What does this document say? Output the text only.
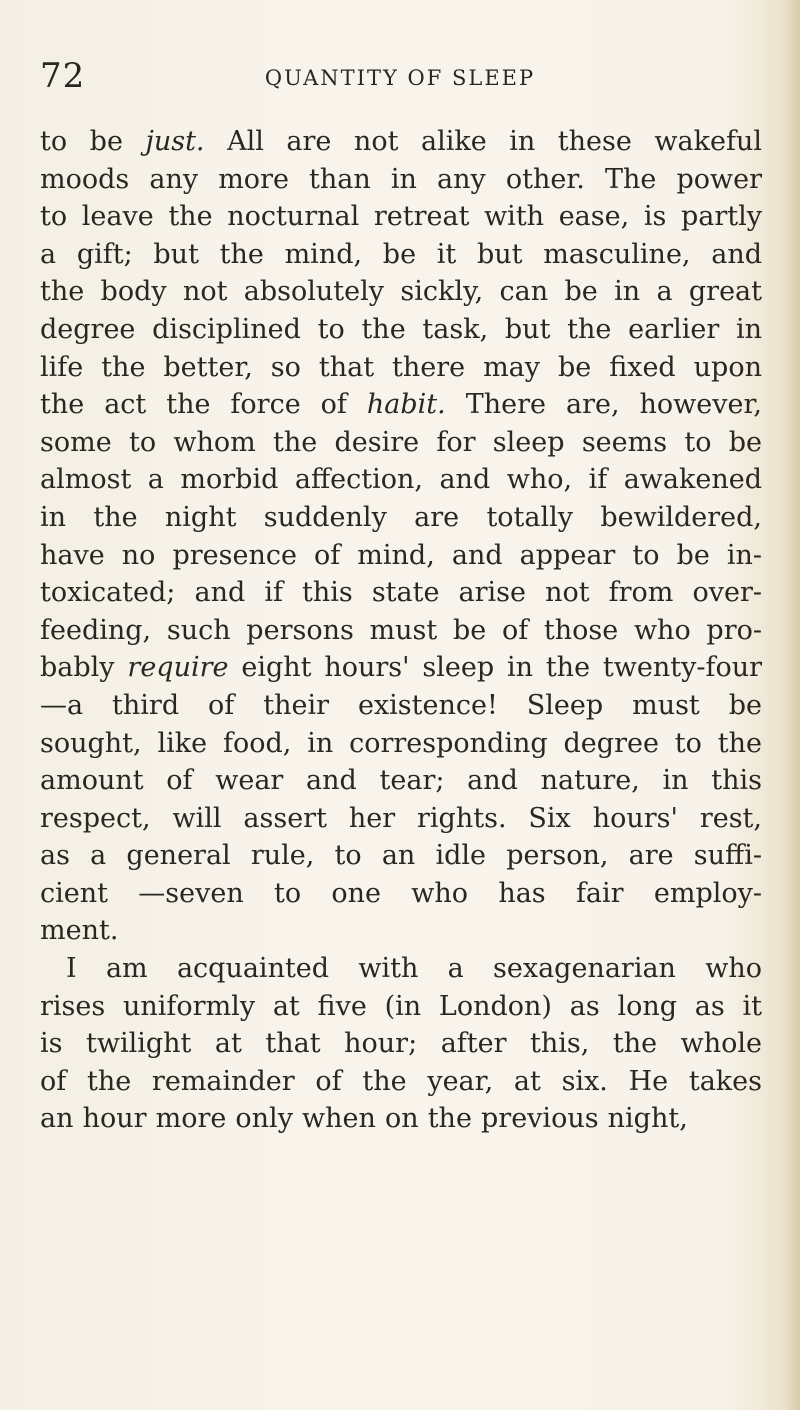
72	QUANTITY OF SLEEP
to be just. All are not alike in these wakeful
moods any more than in any other. The power
to leave the nocturnal retreat with ease, is partly
a gift; but the mind, be it but masculine, and
the body not absolutely sickly, can be in a great
degree disciplined to the task, but the earlier in
life the better, so that there may be fixed upon
the act the force of habit. There are, however,
some to whom the desire for sleep seems to be
almost a morbid affection, and who, if awakened
in the night suddenly are totally bewildered,
have no presence of mind, and appear to be in-
toxicated; and if this state arise not from over-
feeding, such persons must be of those who pro-
bably require eight hours' sleep in the twenty-four
—a third of their existence! Sleep must be
sought, like food, in corresponding degree to the
amount of wear and tear; and nature, in this
respect, will assert her rights. Six hours' rest,
as a general rule, to an idle person, are suffi-
cient —seven to one who has fair employ-
ment.
I am acquainted with a sexagenarian who
rises uniformly at five (in London) as long as it
is twilight at that hour; after this, the whole
of the remainder of the year, at six. He takes
an hour more only when on the previous night,
